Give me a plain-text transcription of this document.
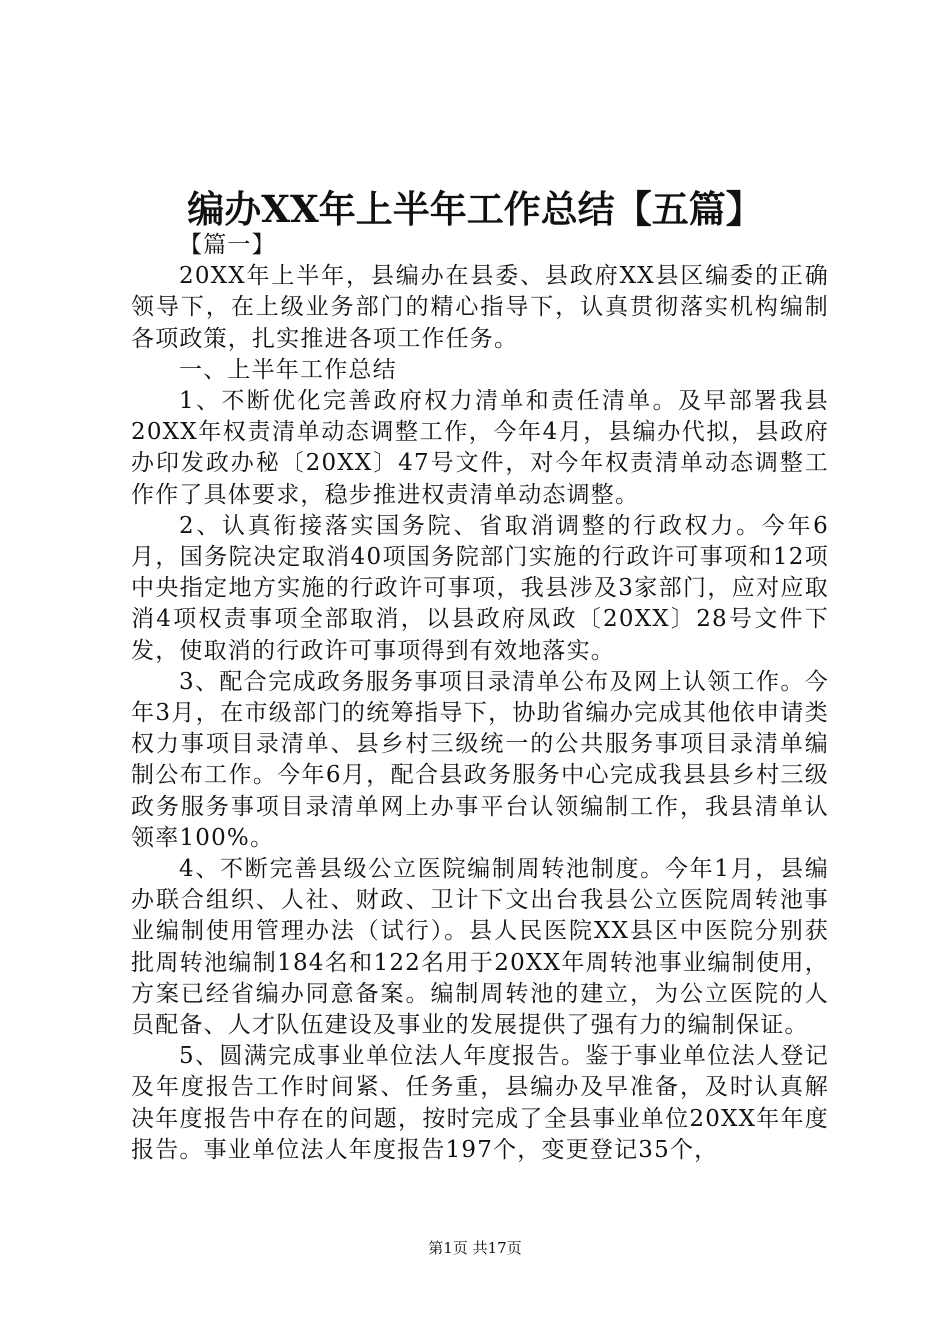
编办XX年上半年工作总结【五篇】

【篇一】

20XX年上半年，县编办在县委、县政府XX县区编委的正确领导下，在上级业务部门的精心指导下，认真贯彻落实机构编制各项政策，扎实推进各项工作任务。

一、上半年工作总结

1、不断优化完善政府权力清单和责任清单。及早部署我县20XX年权责清单动态调整工作，今年4月，县编办代拟，县政府办印发政办秘〔20XX〕47号文件，对今年权责清单动态调整工作作了具体要求，稳步推进权责清单动态调整。

2、认真衔接落实国务院、省取消调整的行政权力。今年6月，国务院决定取消40项国务院部门实施的行政许可事项和12项中央指定地方实施的行政许可事项，我县涉及3家部门，应对应取消4项权责事项全部取消，以县政府凤政〔20XX〕28号文件下发，使取消的行政许可事项得到有效地落实。

3、配合完成政务服务事项目录清单公布及网上认领工作。今年3月，在市级部门的统筹指导下，协助省编办完成其他依申请类权力事项目录清单、县乡村三级统一的公共服务事项目录清单编制公布工作。今年6月，配合县政务服务中心完成我县县乡村三级政务服务事项目录清单网上办事平台认领编制工作，我县清单认领率100%。

4、不断完善县级公立医院编制周转池制度。今年1月，县编办联合组织、人社、财政、卫计下文出台我县公立医院周转池事业编制使用管理办法（试行）。县人民医院XX县区中医院分别获批周转池编制184名和122名用于20XX年周转池事业编制使用，方案已经省编办同意备案。编制周转池的建立，为公立医院的人员配备、人才队伍建设及事业的发展提供了强有力的编制保证。

5、圆满完成事业单位法人年度报告。鉴于事业单位法人登记及年度报告工作时间紧、任务重，县编办及早准备，及时认真解决年度报告中存在的问题，按时完成了全县事业单位20XX年年度报告。事业单位法人年度报告197个，变更登记35个，

第1页 共17页
